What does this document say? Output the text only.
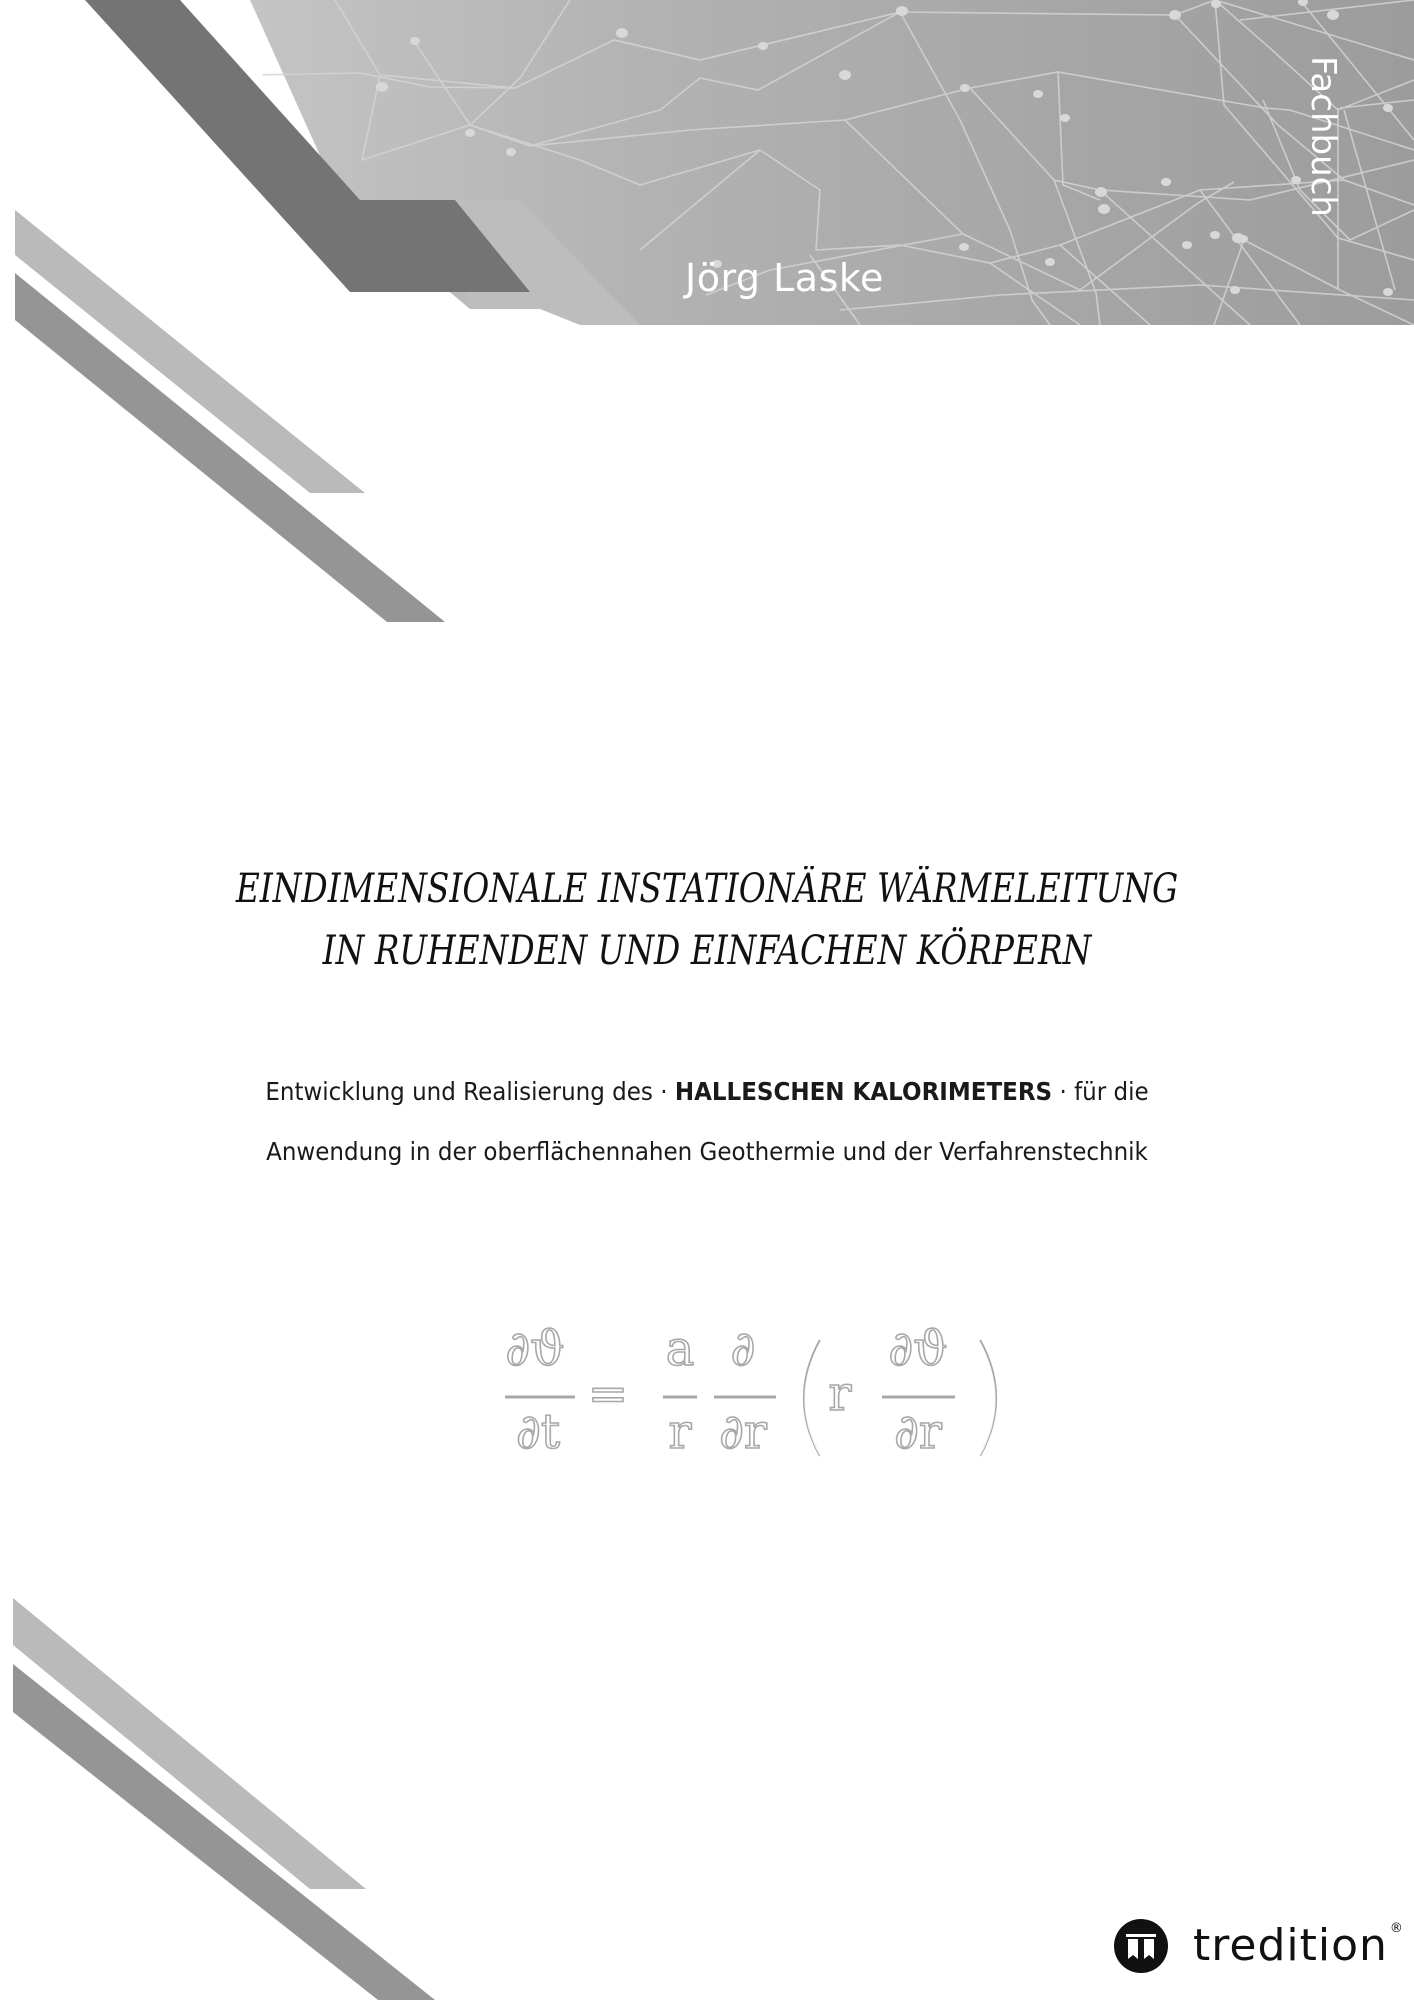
Jörg Laske
Fachbuch
EINDIMENSIONALE INSTATIONÄRE WÄRMELEITUNG
IN RUHENDEN UND EINFACHEN KÖRPERN
Entwicklung und Realisierung des · HALLESCHEN KALORIMETERS · für die
Anwendung in der oberflächennahen Geothermie und der Verfahrenstechnik
∂ϑ
∂t
=
a
r
∂
∂r
r
∂ϑ
∂r
tredition ®
